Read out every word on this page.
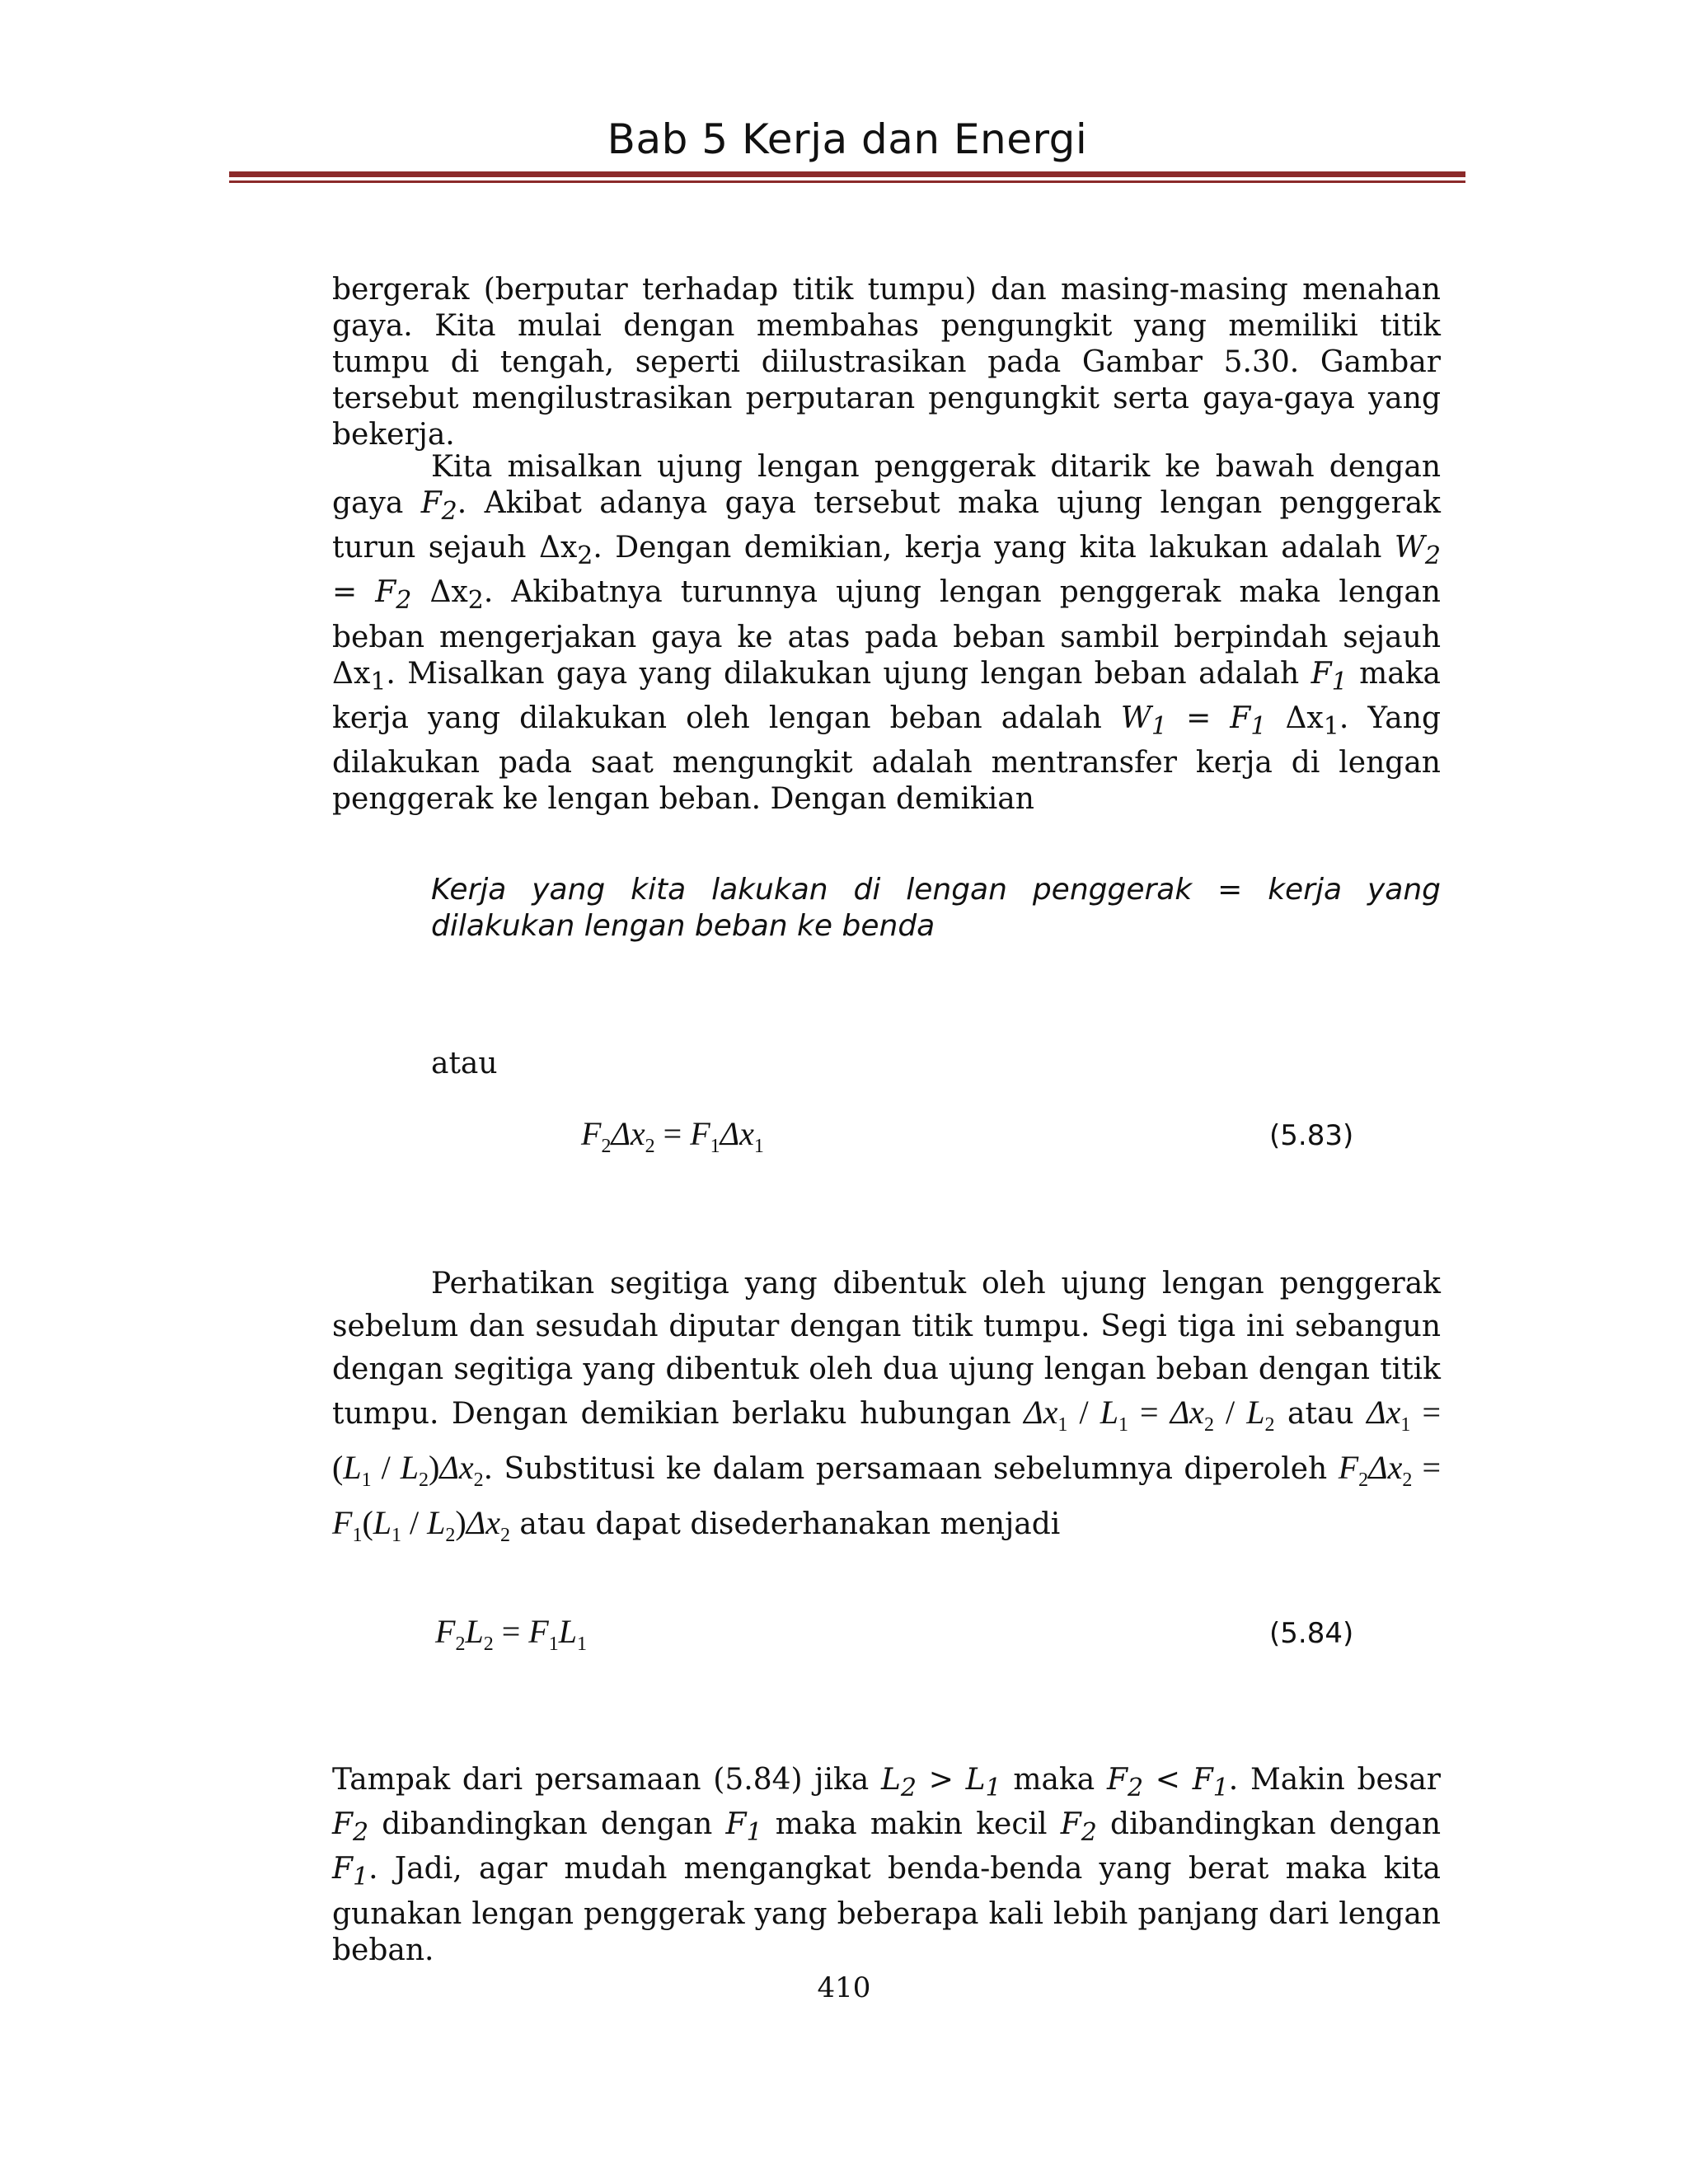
Bab 5 Kerja dan Energi

bergerak (berputar terhadap titik tumpu) dan masing-masing menahan gaya. Kita mulai dengan membahas pengungkit yang memiliki titik tumpu di tengah, seperti diilustrasikan pada Gambar 5.30. Gambar tersebut mengilustrasikan perputaran pengungkit serta gaya-gaya yang bekerja.

Kita misalkan ujung lengan penggerak ditarik ke bawah dengan gaya $F_2$. Akibat adanya gaya tersebut maka ujung lengan penggerak turun sejauh $\Delta x_2$. Dengan demikian, kerja yang kita lakukan adalah $W_2 = F_2$ $\Delta x_2$. Akibatnya turunnya ujung lengan penggerak maka lengan beban mengerjakan gaya ke atas pada beban sambil berpindah sejauh $\Delta x_1$. Misalkan gaya yang dilakukan ujung lengan beban adalah $F_1$ maka kerja yang dilakukan oleh lengan beban adalah $W_1 = F_1$ $\Delta x_1$. Yang dilakukan pada saat mengungkit adalah mentransfer kerja di lengan penggerak ke lengan beban. Dengan demikian

Kerja yang kita lakukan di lengan penggerak = kerja yang dilakukan lengan beban ke benda

atau

$F_2\Delta x_2 = F_1\Delta x_1$	(5.83)

Perhatikan segitiga yang dibentuk oleh ujung lengan penggerak sebelum dan sesudah diputar dengan titik tumpu. Segi tiga ini sebangun dengan segitiga yang dibentuk oleh dua ujung lengan beban dengan titik tumpu. Dengan demikian berlaku hubungan $\Delta x_1 / L_1 = \Delta x_2 / L_2$ atau $\Delta x_1 = (L_1 / L_2)\Delta x_2$. Substitusi ke dalam persamaan sebelumnya diperoleh $F_2\Delta x_2 = F_1(L_1 / L_2)\Delta x_2$ atau dapat disederhanakan menjadi

$F_2L_2 = F_1L_1$	(5.84)

Tampak dari persamaan (5.84) jika $L_2 > L_1$ maka $F_2 < F_1$. Makin besar $F_2$ dibandingkan dengan $F_1$ maka makin kecil $F_2$ dibandingkan dengan $F_1$. Jadi, agar mudah mengangkat benda-benda yang berat maka kita gunakan lengan penggerak yang beberapa kali lebih panjang dari lengan beban.

410
